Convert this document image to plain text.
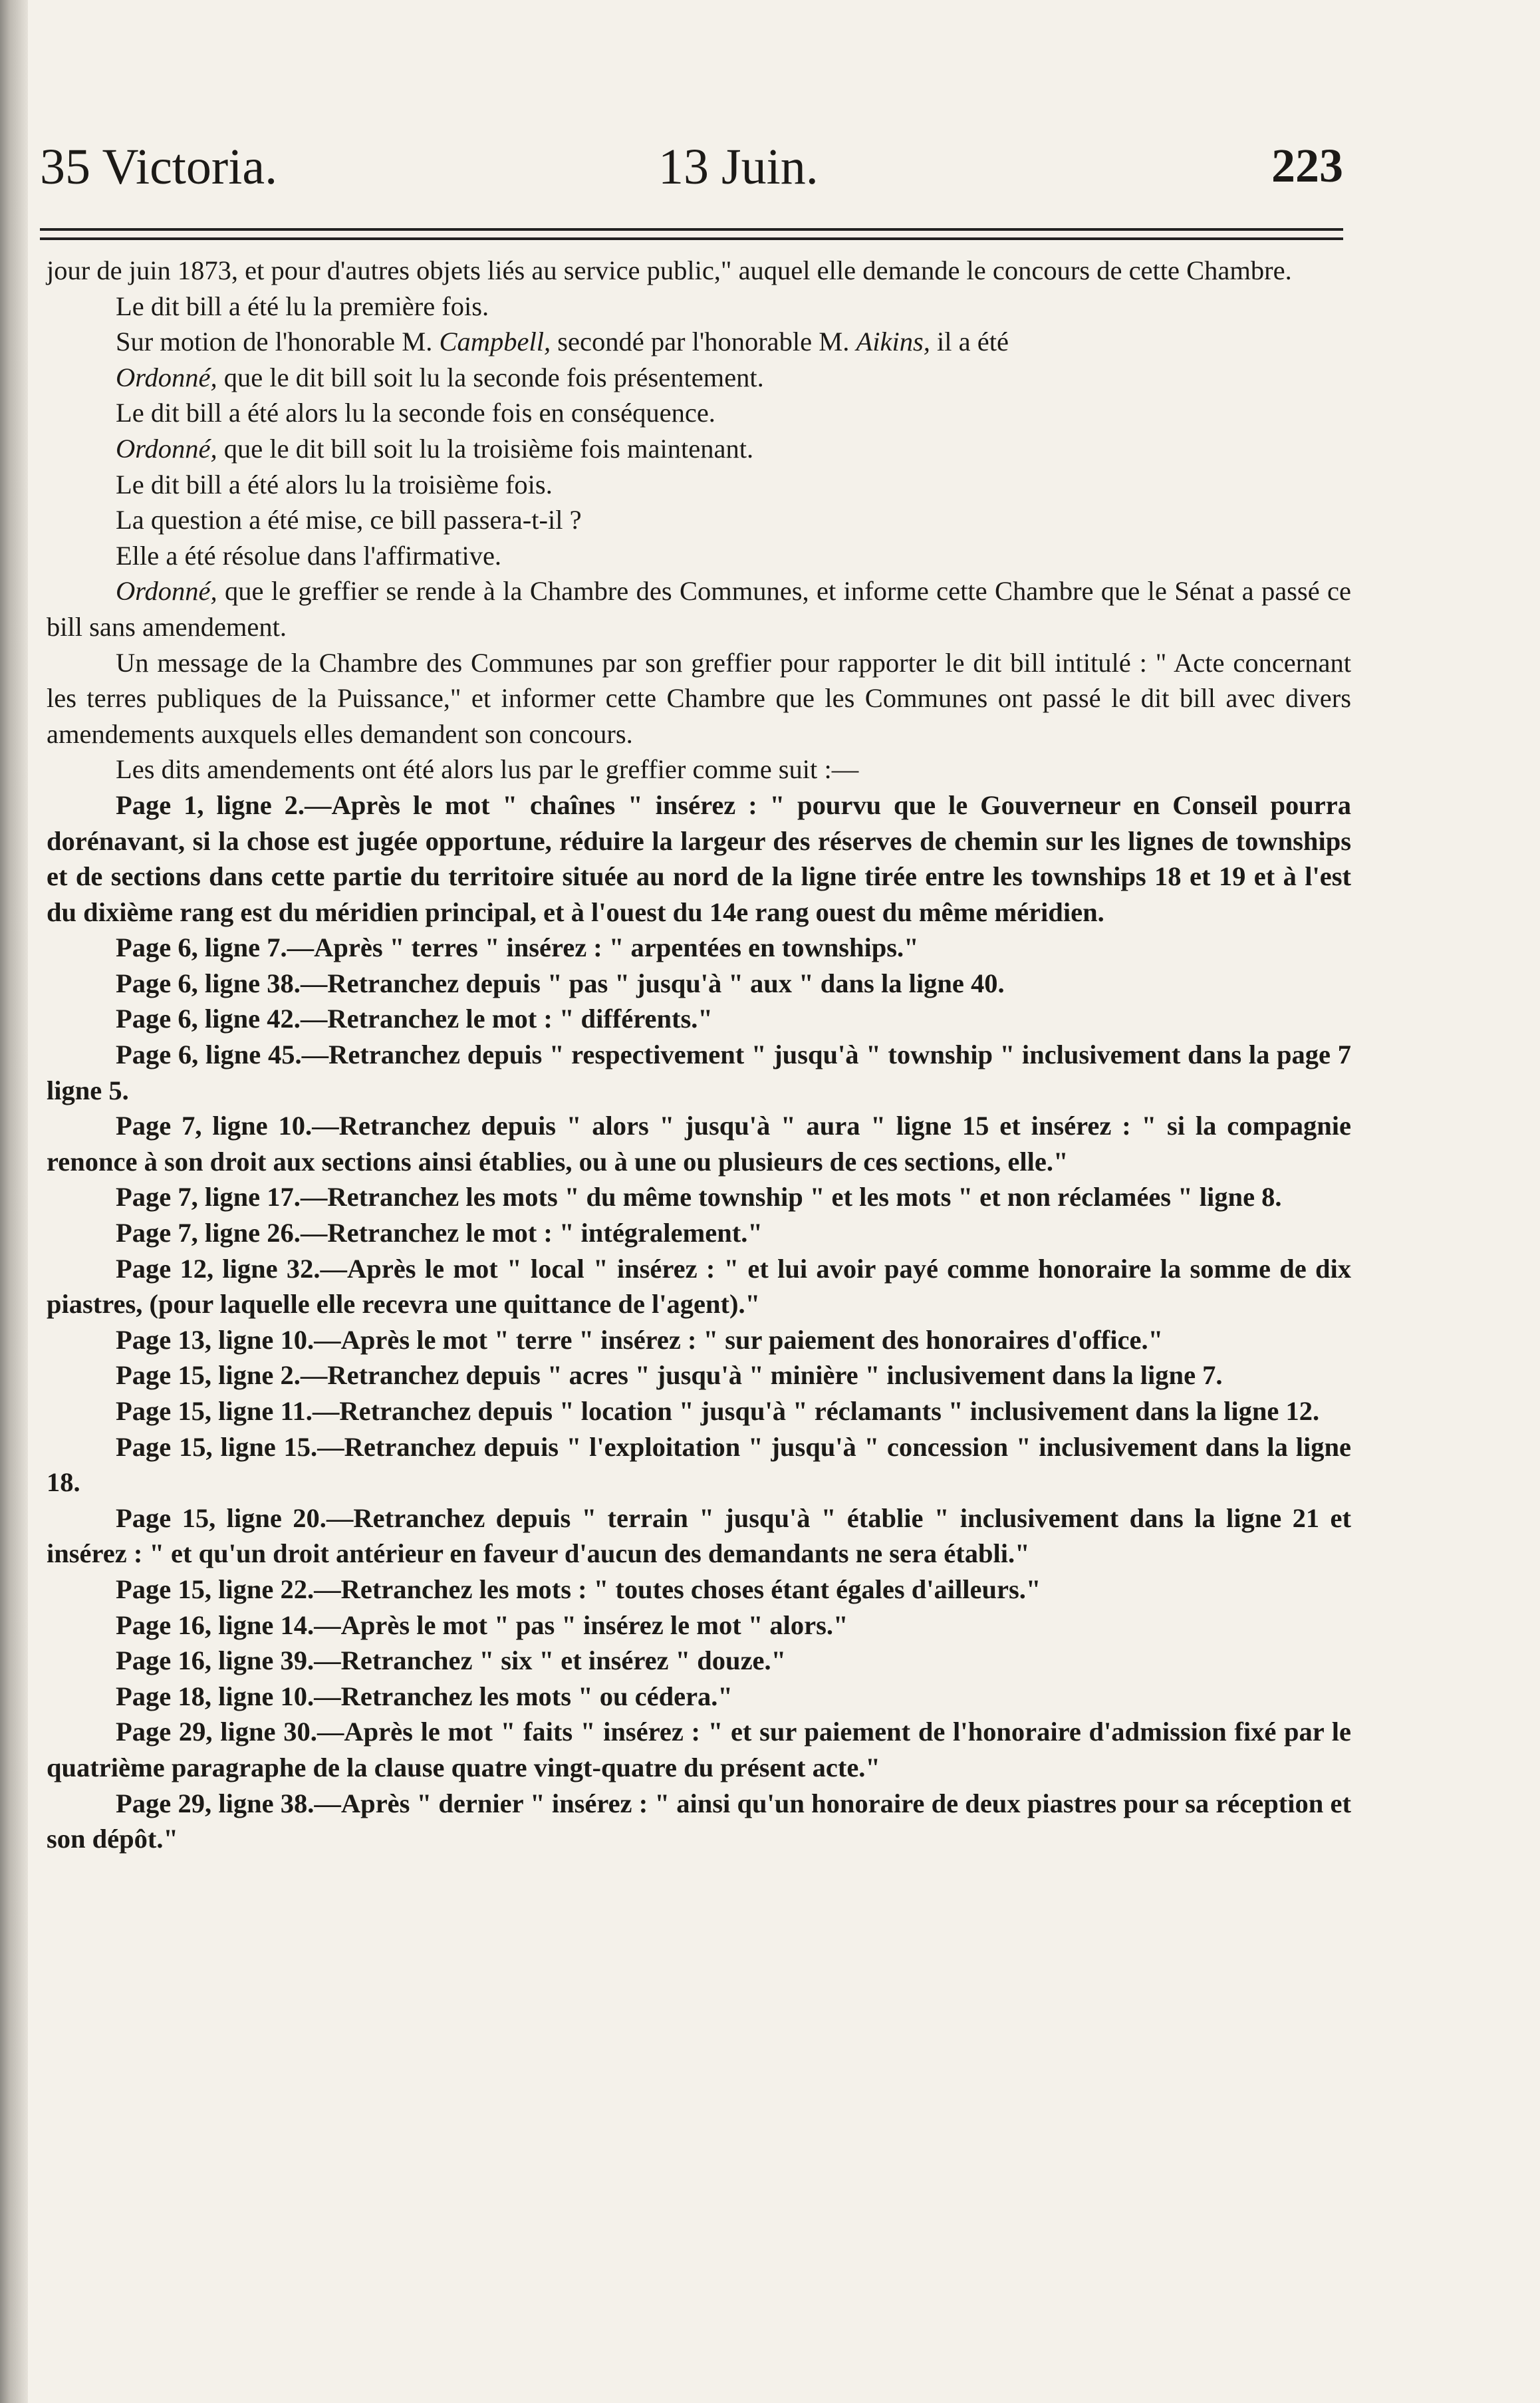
35 Victoria.	13 Juin.	223

jour de juin 1873, et pour d'autres objets liés au service public," auquel elle demande le concours de cette Chambre.

Le dit bill a été lu la première fois.

Sur motion de l'honorable M. Campbell, secondé par l'honorable M. Aikins, il a été

Ordonné, que le dit bill soit lu la seconde fois présentement.

Le dit bill a été alors lu la seconde fois en conséquence.

Ordonné, que le dit bill soit lu la troisième fois maintenant.

Le dit bill a été alors lu la troisième fois.

La question a été mise, ce bill passera-t-il ?

Elle a été résolue dans l'affirmative.

Ordonné, que le greffier se rende à la Chambre des Communes, et informe cette Chambre que le Sénat a passé ce bill sans amendement.

Un message de la Chambre des Communes par son greffier pour rapporter le dit bill intitulé : " Acte concernant les terres publiques de la Puissance," et informer cette Chambre que les Communes ont passé le dit bill avec divers amendements auxquels elles demandent son concours.

Les dits amendements ont été alors lus par le greffier comme suit :—

Page 1, ligne 2.—Après le mot " chaînes " insérez : " pourvu que le Gouverneur en Conseil pourra dorénavant, si la chose est jugée opportune, réduire la largeur des réserves de chemin sur les lignes de townships et de sections dans cette partie du territoire située au nord de la ligne tirée entre les townships 18 et 19 et à l'est du dixième rang est du méridien principal, et à l'ouest du 14e rang ouest du même méridien.

Page 6, ligne 7.—Après " terres " insérez : " arpentées en townships."

Page 6, ligne 38.—Retranchez depuis " pas " jusqu'à " aux " dans la ligne 40.

Page 6, ligne 42.—Retranchez le mot : " différents."

Page 6, ligne 45.—Retranchez depuis " respectivement " jusqu'à " township " inclusivement dans la page 7 ligne 5.

Page 7, ligne 10.—Retranchez depuis " alors " jusqu'à " aura " ligne 15 et insérez : " si la compagnie renonce à son droit aux sections ainsi établies, ou à une ou plusieurs de ces sections, elle."

Page 7, ligne 17.—Retranchez les mots " du même township " et les mots " et non réclamées " ligne 8.

Page 7, ligne 26.—Retranchez le mot : " intégralement."

Page 12, ligne 32.—Après le mot " local " insérez : " et lui avoir payé comme honoraire la somme de dix piastres, (pour laquelle elle recevra une quittance de l'agent)."

Page 13, ligne 10.—Après le mot " terre " insérez : " sur paiement des honoraires d'office."

Page 15, ligne 2.—Retranchez depuis " acres " jusqu'à " minière " inclusivement dans la ligne 7.

Page 15, ligne 11.—Retranchez depuis " location " jusqu'à " réclamants " inclusivement dans la ligne 12.

Page 15, ligne 15.—Retranchez depuis " l'exploitation " jusqu'à " concession " inclusivement dans la ligne 18.

Page 15, ligne 20.—Retranchez depuis " terrain " jusqu'à " établie " inclusivement dans la ligne 21 et insérez : " et qu'un droit antérieur en faveur d'aucun des demandants ne sera établi."

Page 15, ligne 22.—Retranchez les mots : " toutes choses étant égales d'ailleurs."

Page 16, ligne 14.—Après le mot " pas " insérez le mot " alors."

Page 16, ligne 39.—Retranchez " six " et insérez " douze."

Page 18, ligne 10.—Retranchez les mots " ou cédera."

Page 29, ligne 30.—Après le mot " faits " insérez : " et sur paiement de l'honoraire d'admission fixé par le quatrième paragraphe de la clause quatre vingt-quatre du présent acte."

Page 29, ligne 38.—Après " dernier " insérez : " ainsi qu'un honoraire de deux piastres pour sa réception et son dépôt."
